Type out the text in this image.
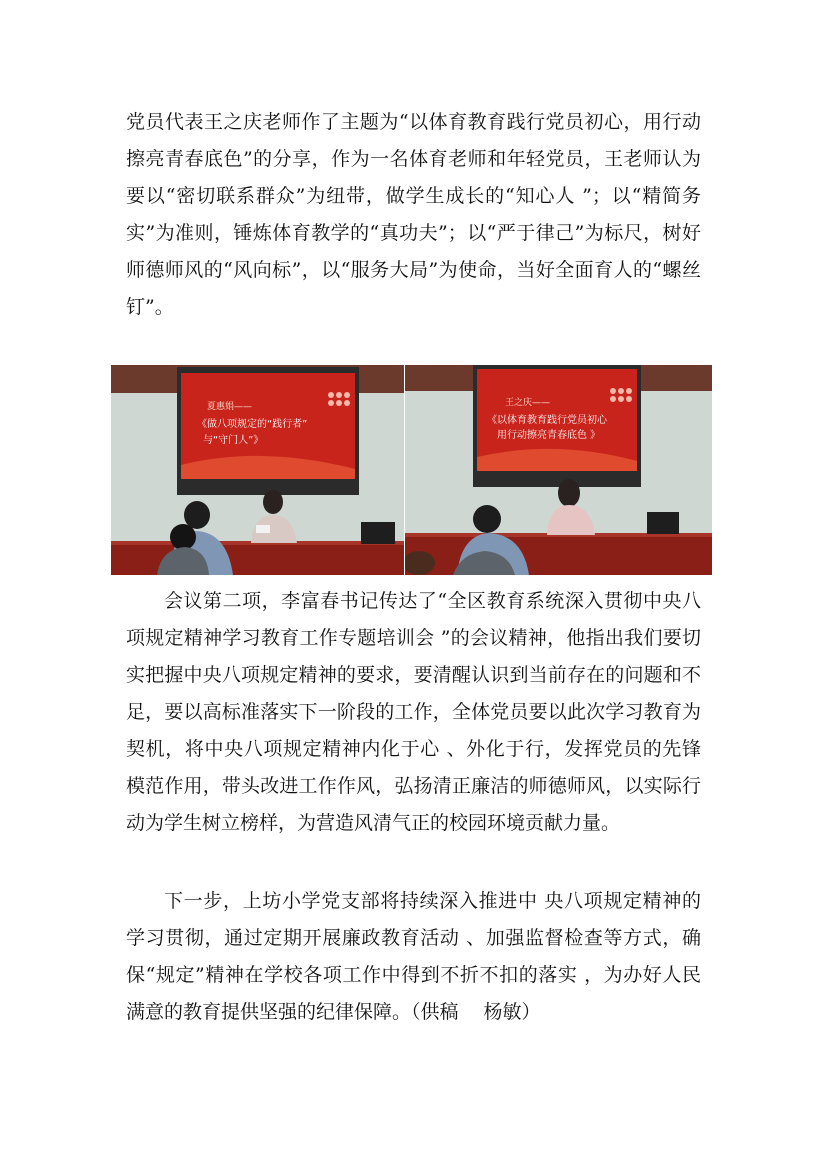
党员代表王之庆老师作了主题为“以体育教育践行党员初心，用行动擦亮青春底色”的分享，作为一名体育老师和年轻党员，王老师认为要以“密切联系群众”为纽带，做学生成长的“知心人 ”；以“精简务实”为准则，锤炼体育教学的“真功夫”；以“严于律己”为标尺，树好师德师风的“风向标”，以“服务大局”为使命，当好全面育人的“螺丝钉”。

夏惠娟——
《做八项规定的“践行者”
与“守门人”》
王之庆——
《以体育教育践行党员初心
用行动擦亮青春底色 》

会议第二项，李富春书记传达了“全区教育系统深入贯彻中央八项规定精神学习教育工作专题培训会 ”的会议精神，他指出我们要切实把握中央八项规定精神的要求，要清醒认识到当前存在的问题和不足，要以高标准落实下一阶段的工作，全体党员要以此次学习教育为契机，将中央八项规定精神内化于心 、外化于行，发挥党员的先锋模范作用，带头改进工作作风，弘扬清正廉洁的师德师风，以实际行动为学生树立榜样，为营造风清气正的校园环境贡献力量。

下一步，上坊小学党支部将持续深入推进中 央八项规定精神的学习贯彻，通过定期开展廉政教育活动 、加强监督检查等方式，确保“规定”精神在学校各项工作中得到不折不扣的落实 ，为办好人民满意的教育提供坚强的纪律保障。（供稿　 杨敏）
